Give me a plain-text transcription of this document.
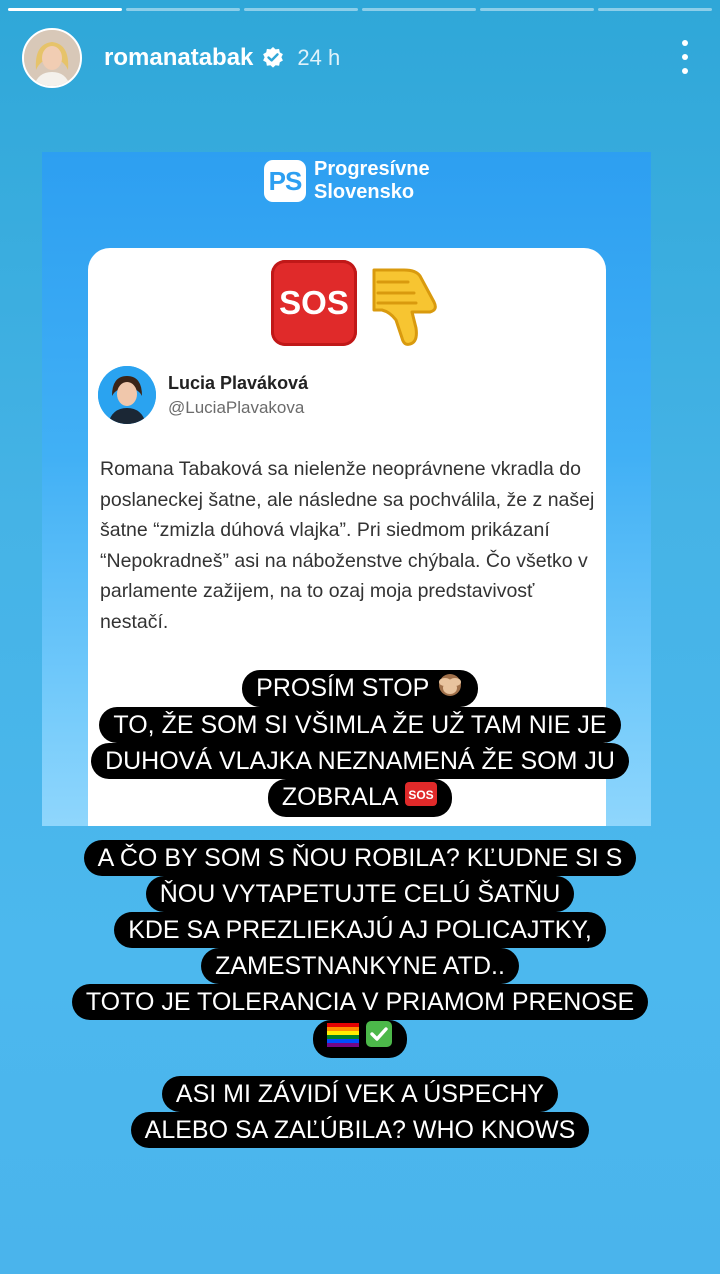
romanatabak 24 h
PS Progresívne
Slovensko
SOS
Lucia Plaváková
@LuciaPlavakova
Romana Tabaková sa nielenže neoprávnene vkradla do poslaneckej šatne, ale následne sa pochválila, že z našej šatne “zmizla dúhová vlajka”. Pri siedmom prikázaní “Nepokradneš” asi na náboženstve chýbala. Čo všetko v parlamente zažijem, na to ozaj moja predstavivosť nestačí.
PROSÍM STOP
TO, ŽE SOM SI VŠIMLA ŽE UŽ TAM NIE JE
DUHOVÁ VLAJKA NEZNAMENÁ ŽE SOM JU
ZOBRALA SOS
A ČO BY SOM S ŇOU ROBILA? KĽUDNE SI S
ŇOU VYTAPETUJTE CELÚ ŠATŇU
KDE SA PREZLIEKAJÚ AJ POLICAJTKY,
ZAMESTNANKYNE ATD..
TOTO JE TOLERANCIA V PRIAMOM PRENOSE

ASI MI ZÁVIDÍ VEK A ÚSPECHY
ALEBO SA ZAĽÚBILA? WHO KNOWS
